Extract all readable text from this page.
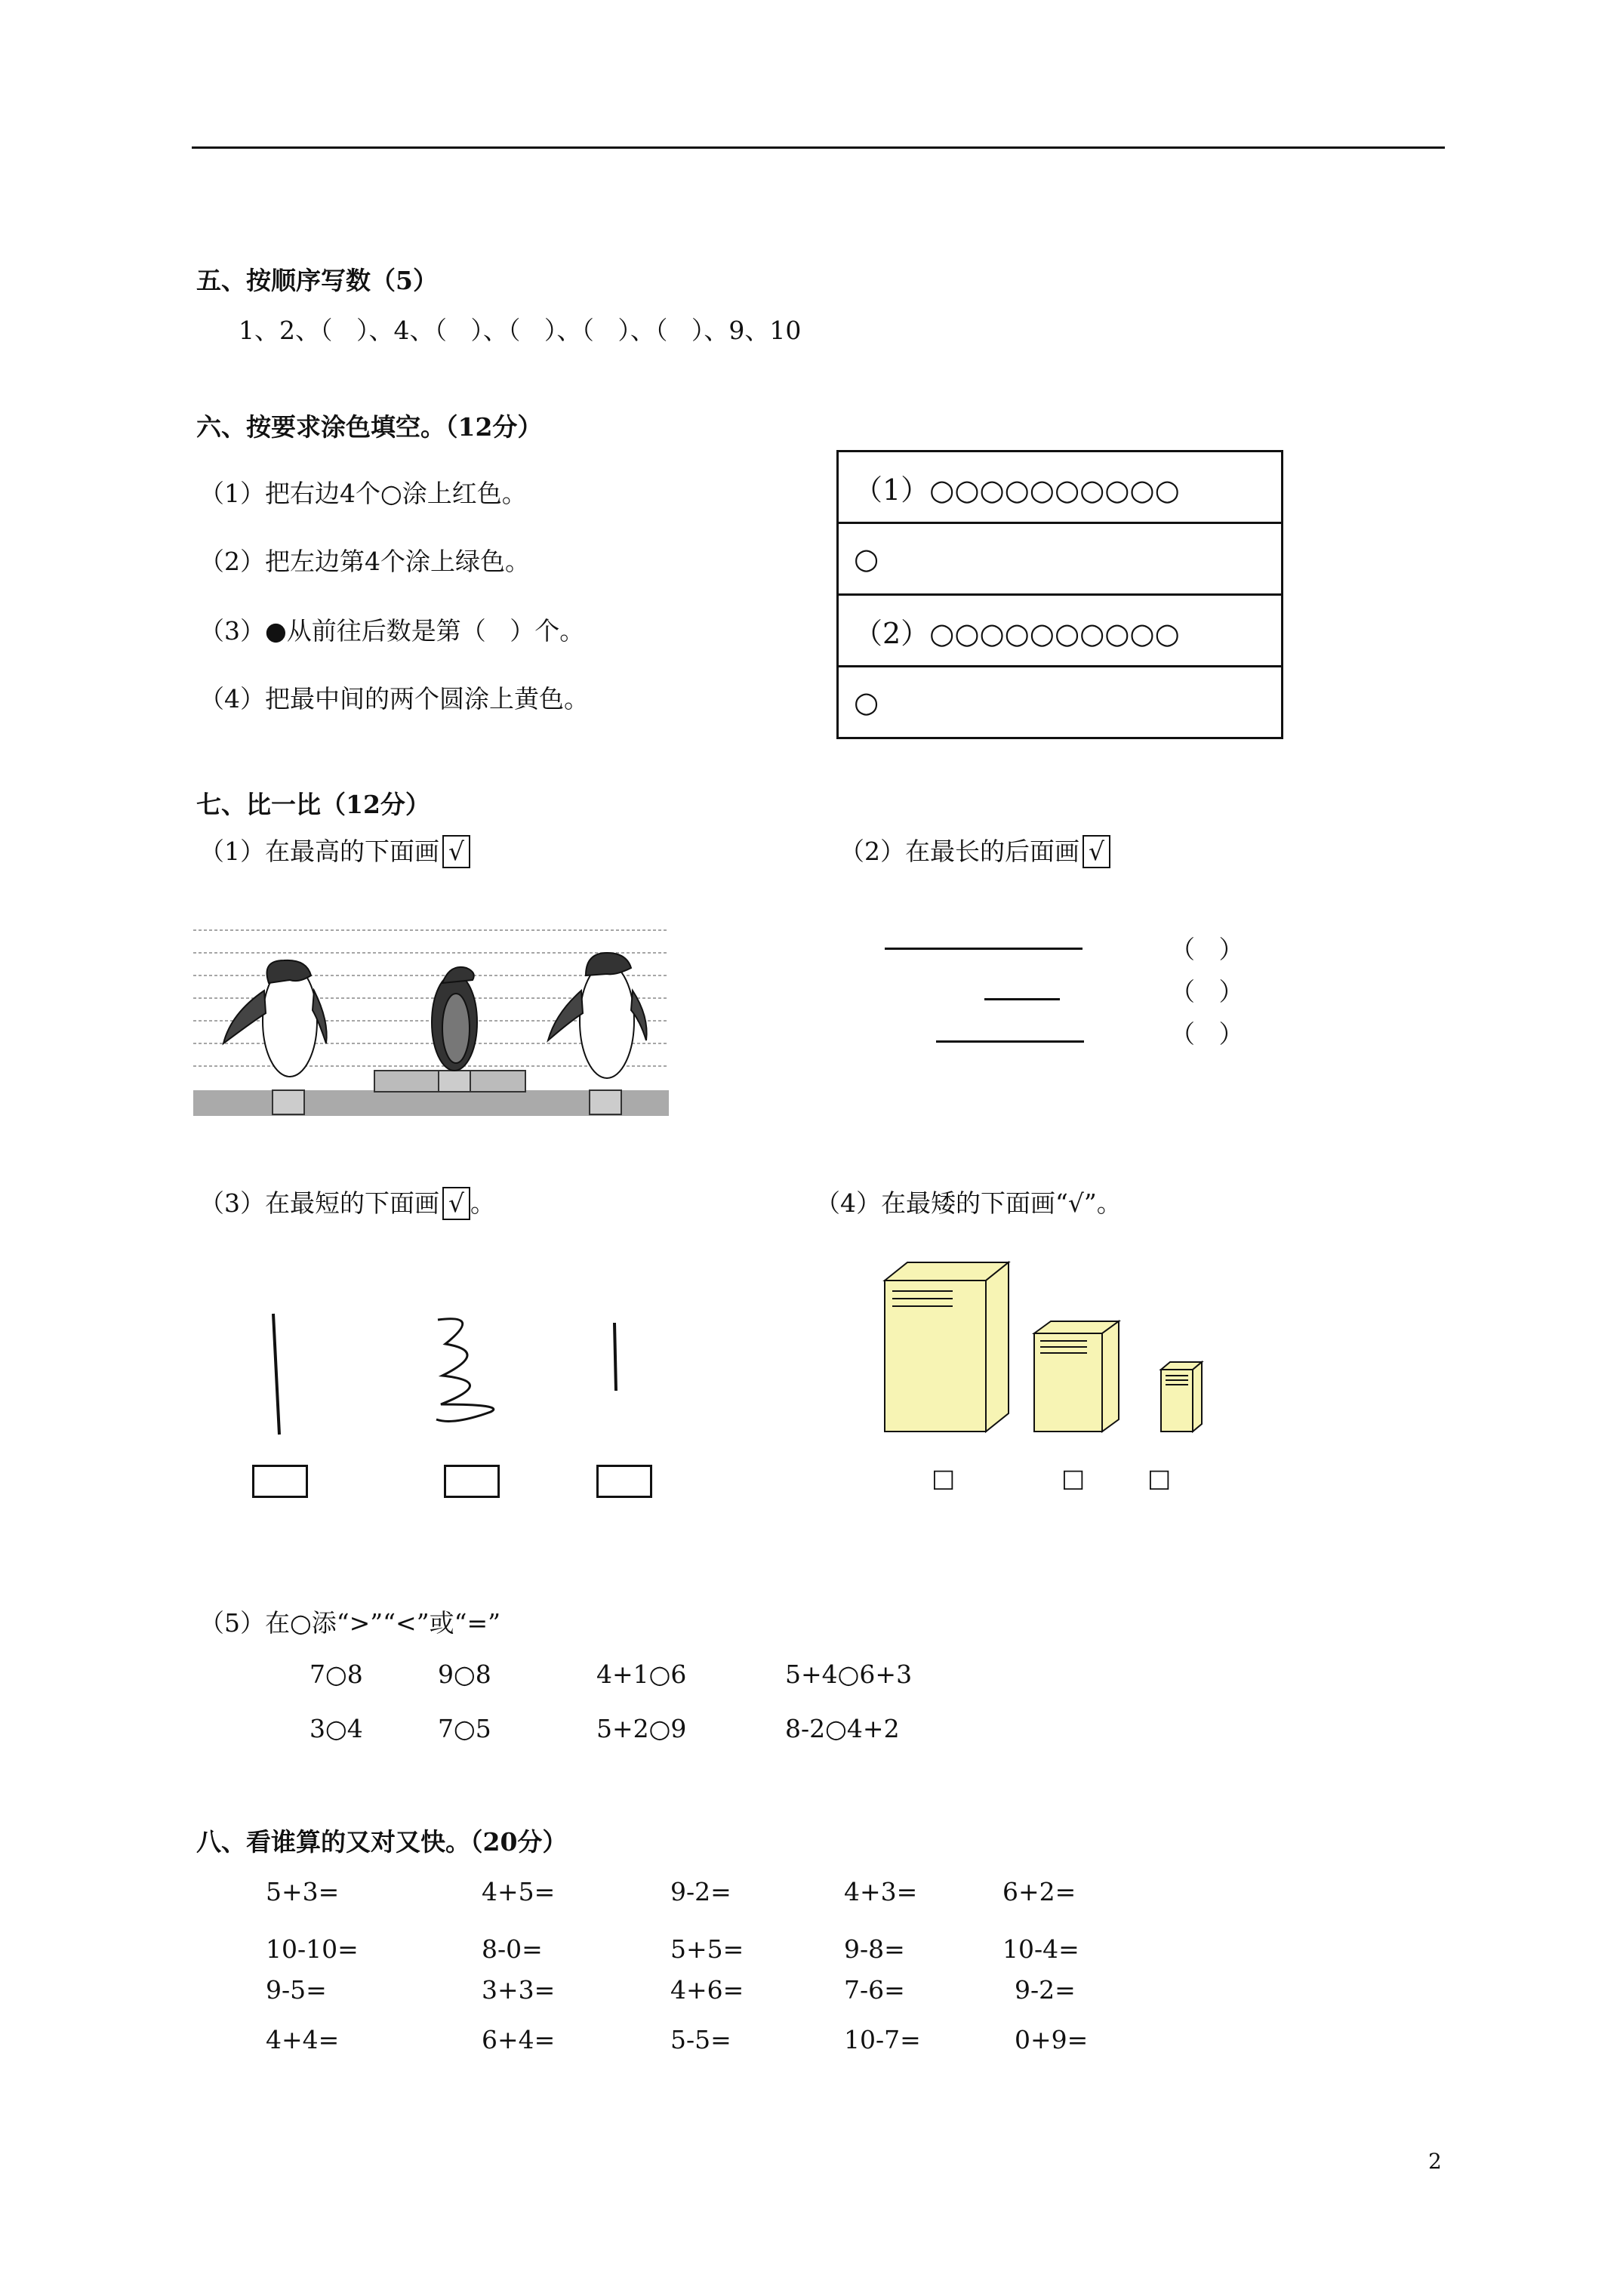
五、按顺序写数（5）
1、2、（   ）、4、（   ）、（   ）、（   ）、（   ）、9、10
六、按要求涂色填空。（12分）
（1）把右边4个○涂上红色。
（2）把左边第4个涂上绿色。
（3）●从前往后数是第（   ）个。
（4）把最中间的两个圆涂上黄色。
（1）○○○○○○○○○○
○
（2）○○○○○○○○○○
○
七、比一比（12分）
（1）在最高的下面画 √	（2）在最长的后面画 √
（   ）
（   ）
（   ）
（3）在最短的下面画 √ 。	（4）在最矮的下面画“√”。
□	□	□
（5）在○添“>”“<”或“=”
7○8	9○8	4+1○6	5+4○6+3
3○4	7○5	5+2○9	8-2○4+2
八、看谁算的又对又快。（20分）
5+3=	4+5=	9-2=	4+3=	6+2=
10-10=	8-0=	5+5=	9-8=	10-4=
9-5=	3+3=	4+6=	7-6=	9-2=
4+4=	6+4=	5-5=	10-7=	0+9=
2
